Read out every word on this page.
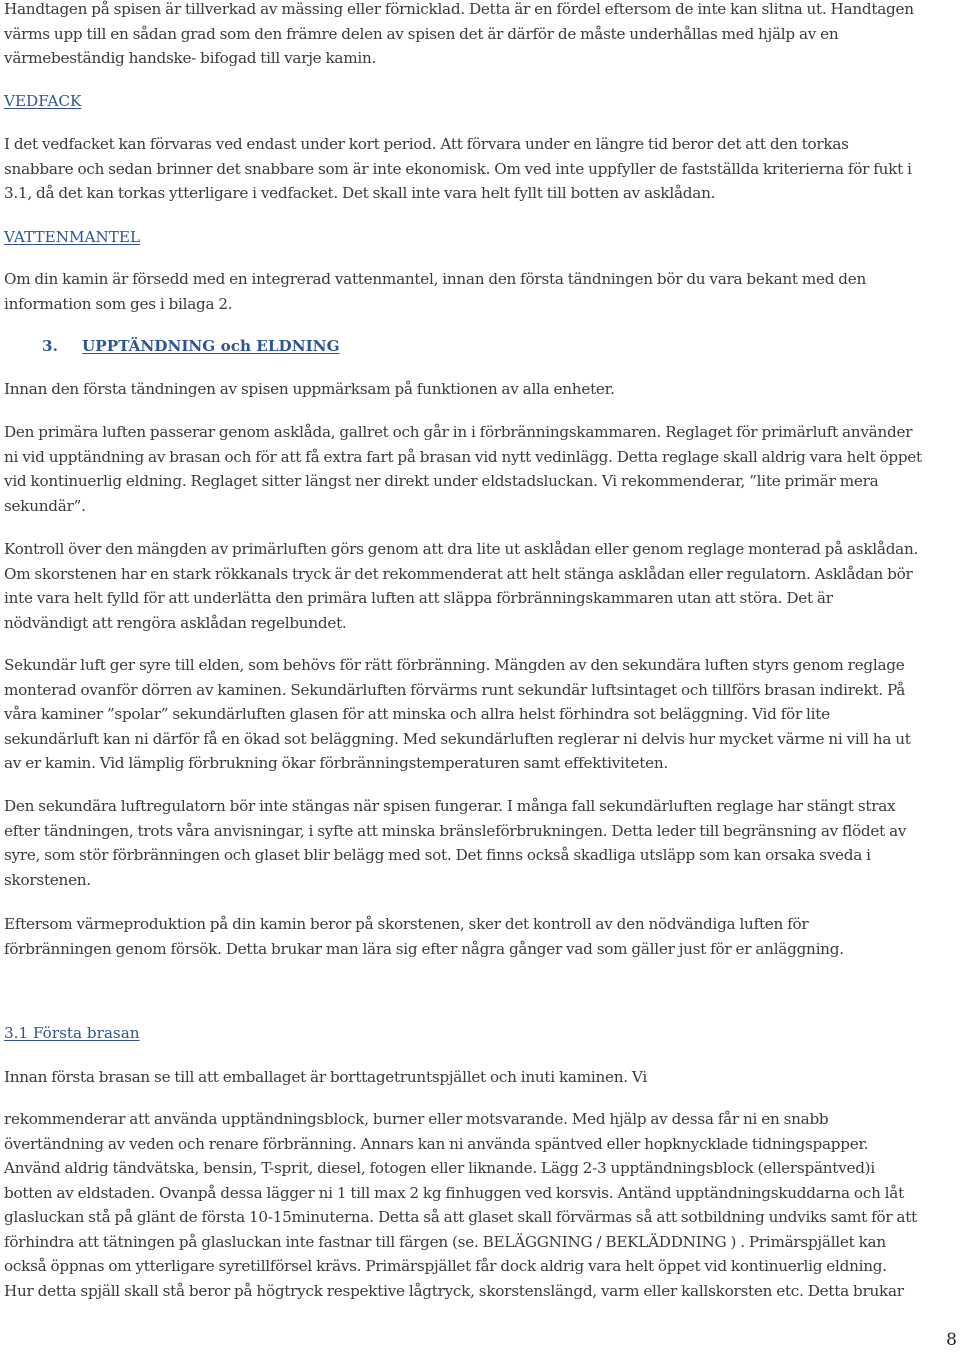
Handtagen på spisen är tillverkad av mässing eller förnicklad. Detta är en fördel eftersom de inte kan slitna ut. Handtagen
värms upp till en sådan grad som den främre delen av spisen det är därför de måste underhållas med hjälp av en
värmebeständig handske- bifogad till varje kamin.

VEDFACK

I det vedfacket kan förvaras ved endast under kort period. Att förvara under en längre tid beror det att den torkas
snabbare och sedan brinner det snabbare som är inte ekonomisk. Om ved inte uppfyller de fastställda kriterierna för fukt i
3.1, då det kan torkas ytterligare i vedfacket. Det skall inte vara helt fyllt till botten av asklådan.

VATTENMANTEL

Om din kamin är försedd med en integrerad vattenmantel, innan den första tändningen bör du vara bekant med den
information som ges i bilaga 2.

3. UPPTÄNDNING och ELDNING

Innan den första tändningen av spisen uppmärksam på funktionen av alla enheter.

Den primära luften passerar genom asklåda, gallret och går in i förbränningskammaren. Reglaget för primärluft använder
ni vid upptändning av brasan och för att få extra fart på brasan vid nytt vedinlägg. Detta reglage skall aldrig vara helt öppet
vid kontinuerlig eldning. Reglaget sitter längst ner direkt under eldstadsluckan. Vi rekommenderar, ”lite primär mera
sekundär”.

Kontroll över den mängden av primärluften görs genom att dra lite ut asklådan eller genom reglage monterad på asklådan.
Om skorstenen har en stark rökkanals tryck är det rekommenderat att helt stänga asklådan eller regulatorn. Asklådan bör
inte vara helt fylld för att underlätta den primära luften att släppa förbränningskammaren utan att störa. Det är
nödvändigt att rengöra asklådan regelbundet.

Sekundär luft ger syre till elden, som behövs för rätt förbränning. Mängden av den sekundära luften styrs genom reglage
monterad ovanför dörren av kaminen. Sekundärluften förvärms runt sekundär luftsintaget och tillförs brasan indirekt. På
våra kaminer ”spolar” sekundärluften glasen för att minska och allra helst förhindra sot beläggning. Vid för lite
sekundärluft kan ni därför få en ökad sot beläggning. Med sekundärluften reglerar ni delvis hur mycket värme ni vill ha ut
av er kamin. Vid lämplig förbrukning ökar förbränningstemperaturen samt effektiviteten.

Den sekundära luftregulatorn bör inte stängas när spisen fungerar. I många fall sekundärluften reglage har stängt strax
efter tändningen, trots våra anvisningar, i syfte att minska bränsleförbrukningen. Detta leder till begränsning av flödet av
syre, som stör förbränningen och glaset blir belägg med sot. Det finns också skadliga utsläpp som kan orsaka sveda i
skorstenen.

Eftersom värmeproduktion på din kamin beror på skorstenen, sker det kontroll av den nödvändiga luften för
förbränningen genom försök. Detta brukar man lära sig efter några gånger vad som gäller just för er anläggning.

3.1 Första brasan

Innan första brasan se till att emballaget är borttagetruntspjället och inuti kaminen. Vi

rekommenderar att använda upptändningsblock, burner eller motsvarande. Med hjälp av dessa får ni en snabb
övertändning av veden och renare förbränning. Annars kan ni använda späntved eller hopknycklade tidningspapper.
Använd aldrig tändvätska, bensin, T-sprit, diesel, fotogen eller liknande. Lägg 2-3 upptändningsblock (ellerspäntved)i
botten av eldstaden. Ovanpå dessa lägger ni 1 till max 2 kg finhuggen ved korsvis. Antänd upptändningskuddarna och låt
glasluckan stå på glänt de första 10-15minuterna. Detta så att glaset skall förvärmas så att sotbildning undviks samt för att
förhindra att tätningen på glasluckan inte fastnar till färgen (se. BELÄGGNING / BEKLÄDDNING ) . Primärspjället kan
också öppnas om ytterligare syretillförsel krävs. Primärspjället får dock aldrig vara helt öppet vid kontinuerlig eldning.
Hur detta spjäll skall stå beror på högtryck respektive lågtryck, skorstenslängd, varm eller kallskorsten etc. Detta brukar

8
